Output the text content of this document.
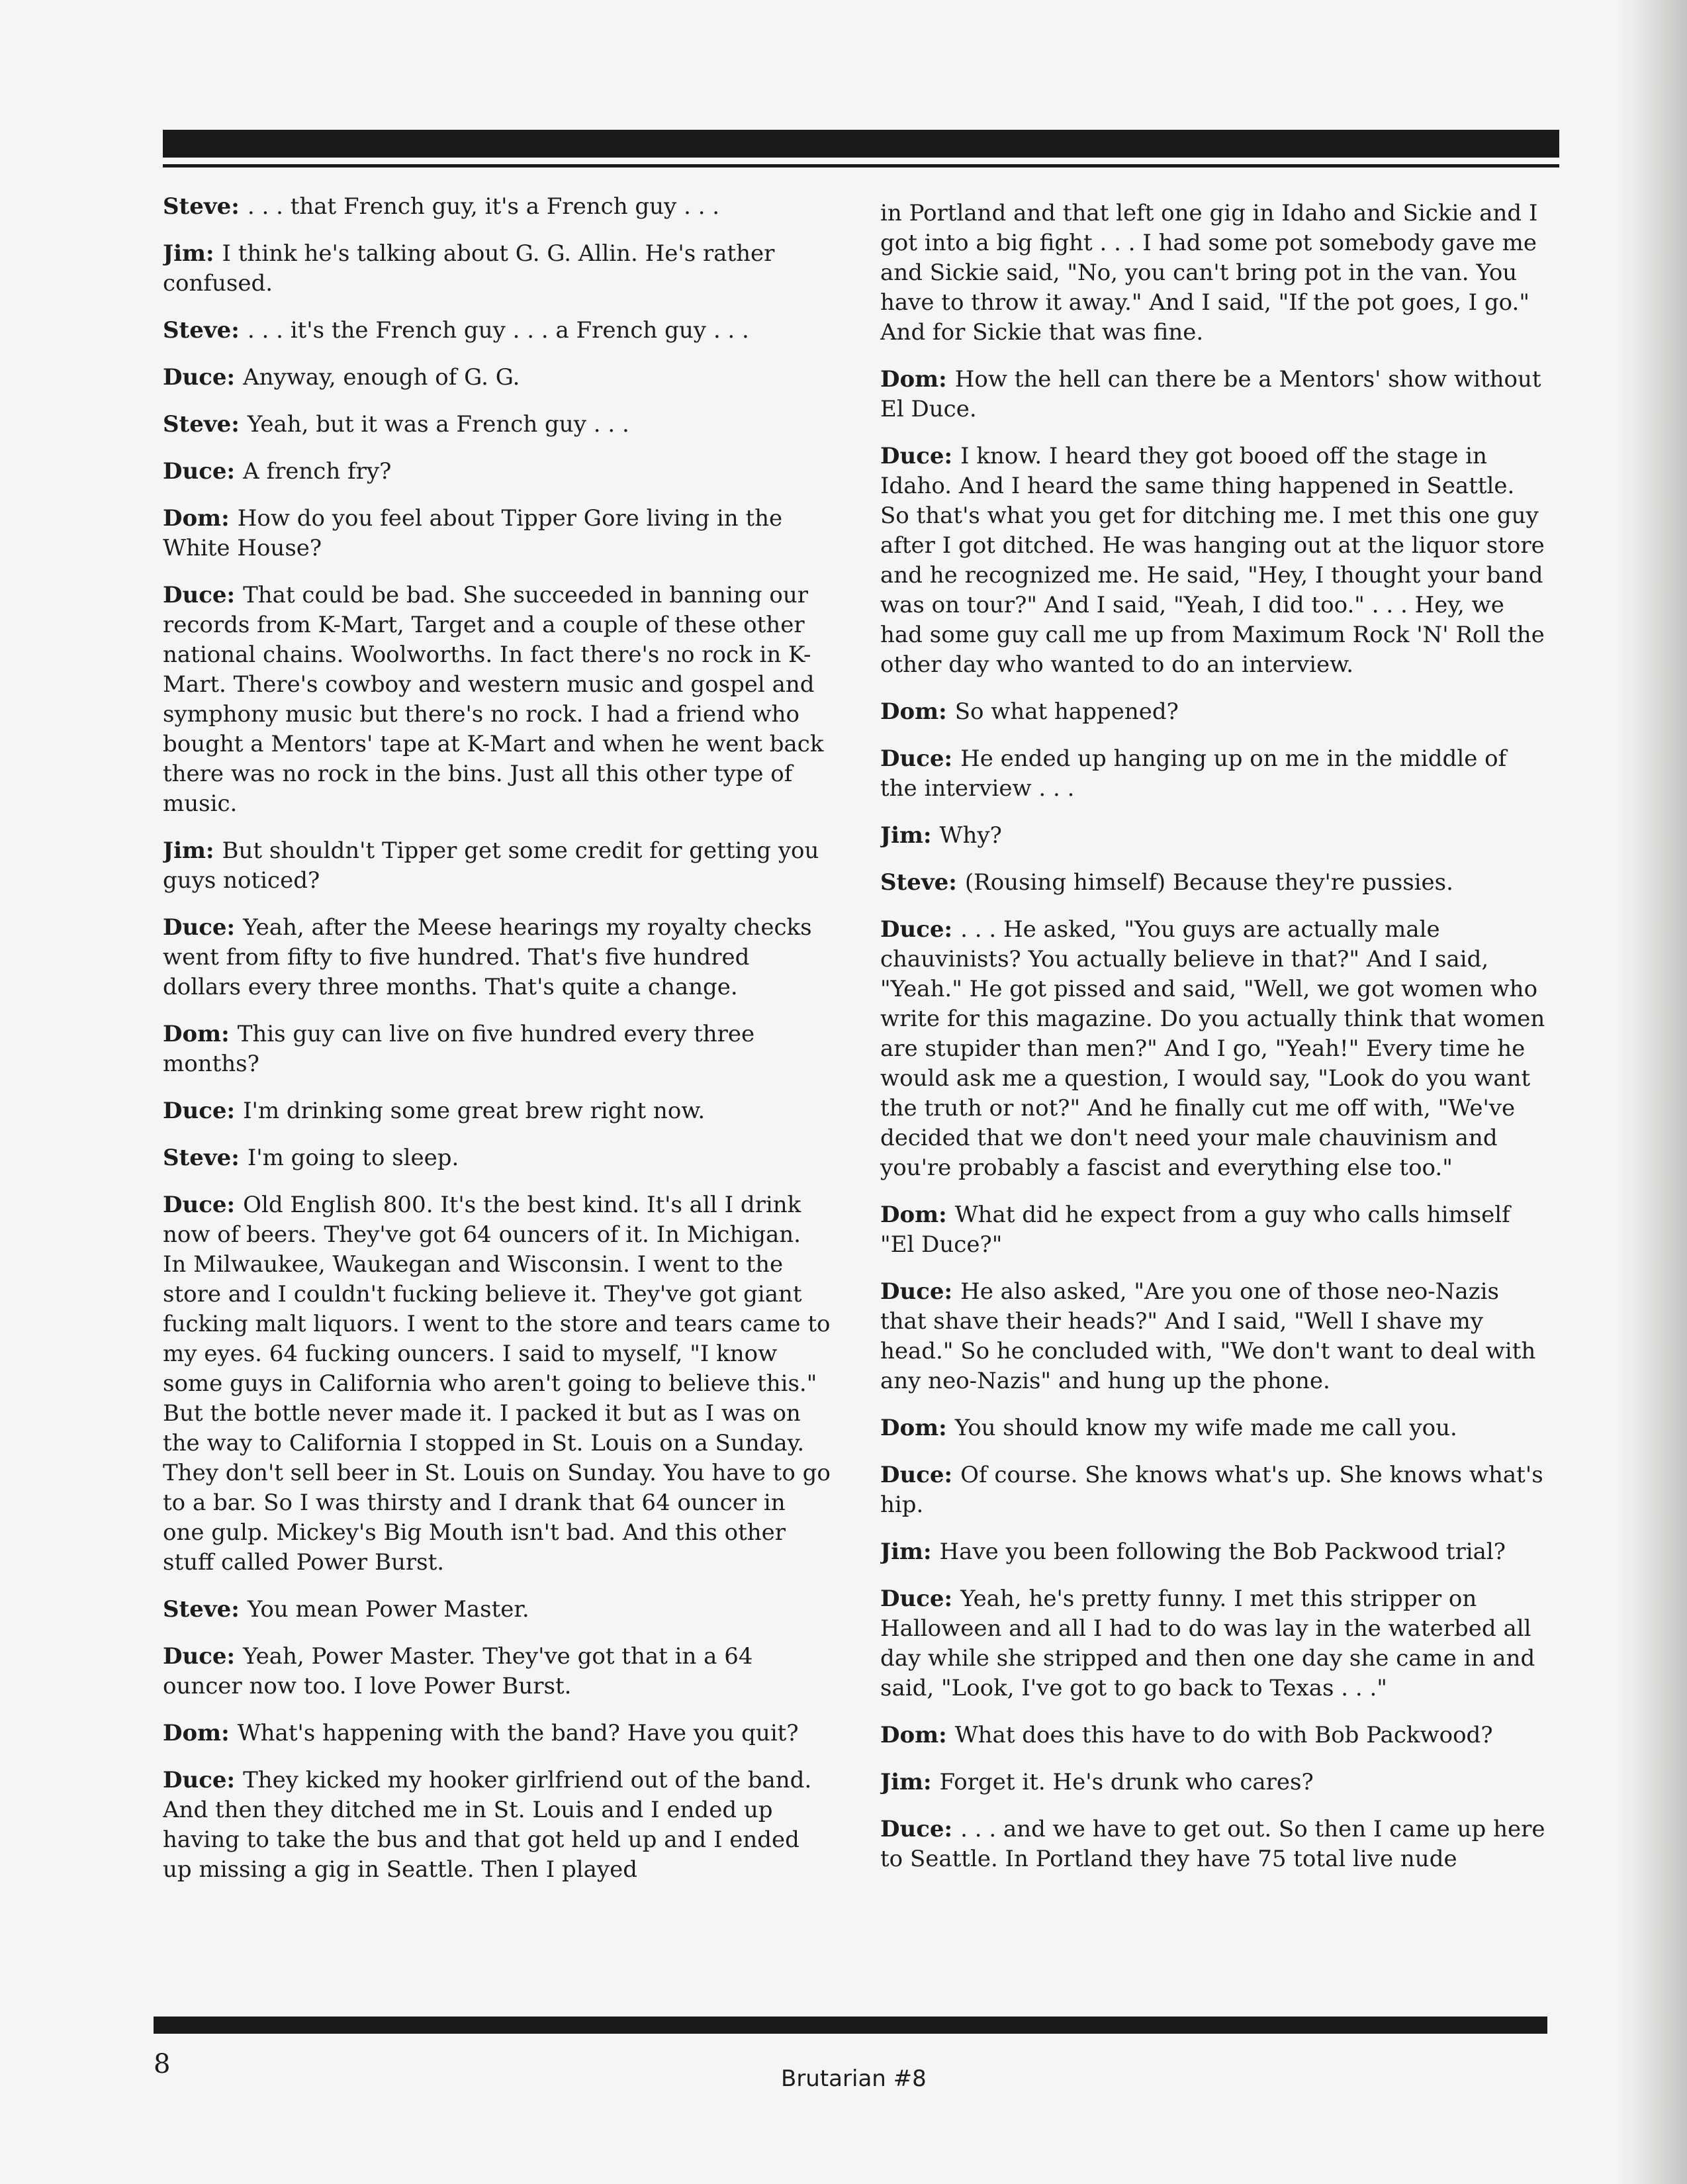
Steve: . . . that French guy, it's a French guy . . .

Jim: I think he's talking about G. G. Allin. He's rather confused.

Steve: . . . it's the French guy . . . a French guy . . .

Duce: Anyway, enough of G. G.

Steve: Yeah, but it was a French guy . . .

Duce: A french fry?

Dom: How do you feel about Tipper Gore living in the White House?

Duce: That could be bad. She succeeded in banning our records from K-Mart, Target and a couple of these other national chains. Woolworths. In fact there's no rock in K-Mart. There's cowboy and western music and gospel and symphony music but there's no rock. I had a friend who bought a Mentors' tape at K-Mart and when he went back there was no rock in the bins. Just all this other type of music.

Jim: But shouldn't Tipper get some credit for getting you guys noticed?

Duce: Yeah, after the Meese hearings my royalty checks went from fifty to five hundred. That's five hundred dollars every three months. That's quite a change.

Dom: This guy can live on five hundred every three months?

Duce: I'm drinking some great brew right now.

Steve: I'm going to sleep.

Duce: Old English 800. It's the best kind. It's all I drink now of beers. They've got 64 ouncers of it. In Michigan. In Milwaukee, Waukegan and Wisconsin. I went to the store and I couldn't fucking believe it. They've got giant fucking malt liquors. I went to the store and tears came to my eyes. 64 fucking ouncers. I said to myself, "I know some guys in California who aren't going to believe this." But the bottle never made it. I packed it but as I was on the way to California I stopped in St. Louis on a Sunday. They don't sell beer in St. Louis on Sunday. You have to go to a bar. So I was thirsty and I drank that 64 ouncer in one gulp. Mickey's Big Mouth isn't bad. And this other stuff called Power Burst.

Steve: You mean Power Master.

Duce: Yeah, Power Master. They've got that in a 64 ouncer now too. I love Power Burst.

Dom: What's happening with the band? Have you quit?

Duce: They kicked my hooker girlfriend out of the band. And then they ditched me in St. Louis and I ended up having to take the bus and that got held up and I ended up missing a gig in Seattle. Then I played

in Portland and that left one gig in Idaho and Sickie and I got into a big fight . . . I had some pot somebody gave me and Sickie said, "No, you can't bring pot in the van. You have to throw it away." And I said, "If the pot goes, I go." And for Sickie that was fine.

Dom: How the hell can there be a Mentors' show without El Duce.

Duce: I know. I heard they got booed off the stage in Idaho. And I heard the same thing happened in Seattle. So that's what you get for ditching me. I met this one guy after I got ditched. He was hanging out at the liquor store and he recognized me. He said, "Hey, I thought your band was on tour?" And I said, "Yeah, I did too." . . . Hey, we had some guy call me up from Maximum Rock 'N' Roll the other day who wanted to do an interview.

Dom: So what happened?

Duce: He ended up hanging up on me in the middle of the interview . . .

Jim: Why?

Steve: (Rousing himself) Because they're pussies.

Duce: . . . He asked, "You guys are actually male chauvinists? You actually believe in that?" And I said, "Yeah." He got pissed and said, "Well, we got women who write for this magazine. Do you actually think that women are stupider than men?" And I go, "Yeah!" Every time he would ask me a question, I would say, "Look do you want the truth or not?" And he finally cut me off with, "We've decided that we don't need your male chauvinism and you're probably a fascist and everything else too."

Dom: What did he expect from a guy who calls himself "El Duce?"

Duce: He also asked, "Are you one of those neo-Nazis that shave their heads?" And I said, "Well I shave my head." So he concluded with, "We don't want to deal with any neo-Nazis" and hung up the phone.

Dom: You should know my wife made me call you.

Duce: Of course. She knows what's up. She knows what's hip.

Jim: Have you been following the Bob Packwood trial?

Duce: Yeah, he's pretty funny. I met this stripper on Halloween and all I had to do was lay in the waterbed all day while she stripped and then one day she came in and said, "Look, I've got to go back to Texas . . ."

Dom: What does this have to do with Bob Packwood?

Jim: Forget it. He's drunk who cares?

Duce: . . . and we have to get out. So then I came up here to Seattle. In Portland they have 75 total live nude

8	Brutarian #8
